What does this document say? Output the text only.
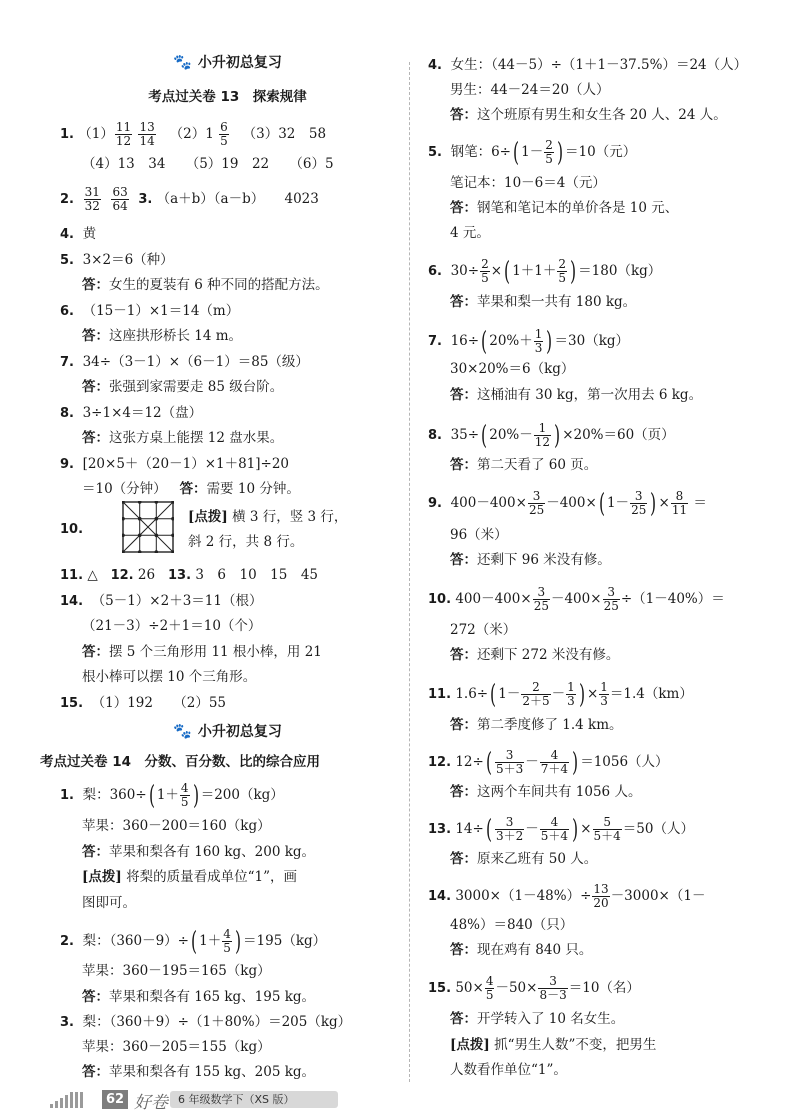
🐾 小升初总复习
考点过关卷 13　探索规律
1. $(1) \frac{11}{12}$
$\frac{13}{14} (2)1 \frac{6}{5} (3)32$　58
（4）13　34　　（5）19　22　　（6）5
2. $\frac{31}{32}$
$\frac{63}{64} 3$. （a＋b）（a－b）　　4023
4. 黄
5. 3×2＝6（种）
答：女生的夏装有 6 种不同的搭配方法。
6. （15－1）×1＝14（m）
答：这座拱形桥长 14 m。
7. 34÷（3－1）×（6－1）＝85（级）
答：张强到家需要走 85 级台阶。
8. 3÷1×4＝12（盘）
答：这张方桌上能摆 12 盘水果。
9. [20×5＋（20－1）×1＋81]÷20
＝10（分钟） 答：需要 10 分钟。
10.
[点拨] 横 3 行，竖 3 行，
斜 2 行，共 8 行。
11. △ 12. 26 13. 3　6　10　15　45
14. （5－1）×2＋3＝11（根）
（21－3）÷2＋1＝10（个）
答：摆 5 个三角形用 11 根小棒，用 21
根小棒可以摆 10 个三角形。
15. （1）192　　（2）55
🐾 小升初总复习
考点过关卷 14　分数、百分数、比的综合应用
1. 梨：360÷( $1+ \frac{4}{5}$ ) ＝200（kg）
苹果：360－200＝160（kg）
答：苹果和梨各有 160 kg、200 kg。
[点拨] 将梨的质量看成单位“1”，画
图即可。
2. 梨：（360－9）÷( $1+ \frac{4}{5}$ ) ＝195（kg）
苹果：360－195＝165（kg）
答：苹果和梨各有 165 kg、195 kg。
3. 梨：（360＋9）÷（1＋80%）＝205（kg）
苹果：360－205＝155（kg）
答：苹果和梨各有 155 kg、205 kg。
4. 女生：（44－5）÷（1＋1－37.5%）＝24（人）
男生：44－24＝20（人）
答：这个班原有男生和女生各 20 人、24 人。
5. 钢笔：6÷( $1- \frac{2}{5}$ ) ＝10（元）
笔记本：10－6＝4（元）
答：钢笔和笔记本的单价各是 10 元、
4 元。
6. $30\div \frac{2}{5}$ ×( $1+1+ \frac{2}{5}$ ) ＝180（kg）
答：苹果和梨一共有 180 kg。
7. 16÷( $20\%+ \frac{1}{3}$ ) ＝30（kg）
30×20%＝6（kg）
答：这桶油有 30 kg，第一次用去 6 kg。
8. 35÷( $20\%- \frac{1}{12}$ ) ×20%＝60（页）
答：第二天看了 60 页。
9. $400-400\times \frac{3}{25} -400\times$( $1- \frac{3}{25}$ ) × $\frac{8}{11}$ ＝
96（米）
答：还剩下 96 米没有修。
10. $400-400\times \frac{3}{25} -400\times \frac{3}{25} \div(1-40\%)=$
272（米）
答：还剩下 272 米没有修。
11. 1.6÷( $1- \frac{2}{2+5} - \frac{1}{3}$ ) × $\frac{1}{3} =1.4(km)$
答：第二季度修了 1.4 km。
12. $12\div( \frac{3}{5+3} - \frac{4}{7+4}$ ) ＝1056（人）
答：这两个车间共有 1056 人。
13. $14\div( \frac{3}{3+2} - \frac{4}{5+4}$ ) × $\frac{5}{5+4} =50$（人）
答：原来乙班有 50 人。
14. $3000\times(1-48\%)\div \frac{13}{20} -3000\times(1-$
48%）＝840（只）
答：现在鸡有 840 只。
15. $50\times \frac{4}{5} -50\times \frac{3}{8-3} =10$（名）
答：开学转入了 10 名女生。
[点拨] 抓“男生人数”不变，把男生
人数看作单位“1”。
62 好卷 6 年级数学下（XS 版）
